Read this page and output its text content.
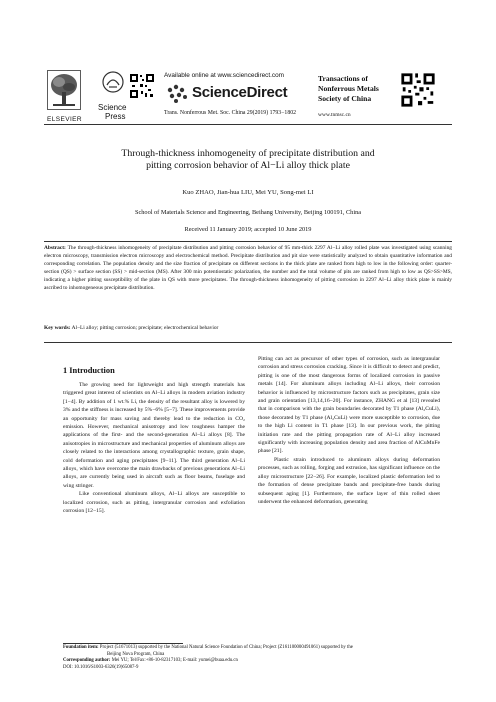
ELSEVIER
Science
Press
Available online at www.sciencedirect.com
ScienceDirect
Trans. Nonferrous Met. Soc. China 29(2019) 1793−1802
Transactions of
Nonferrous Metals
Society of China
www.tnmsc.cn
Through-thickness inhomogeneity of precipitate distribution and
pitting corrosion behavior of Al−Li alloy thick plate
Kuo ZHAO, Jian-hua LIU, Mei YU, Song-mei LI
School of Materials Science and Engineering, Beihang University, Beijing 100191, China
Received 11 January 2019; accepted 10 June 2019
Abstract: The through-thickness inhomogeneity of precipitate distribution and pitting corrosion behavior of 95 mm-thick 2297 Al−Li alloy rolled plate was investigated using scanning electron microscopy, transmission electron microscopy and electrochemical method. Precipitate distribution and pit size were statistically analyzed to obtain quantitative information and corresponding correlation. The population density and the size fraction of precipitate on different sections in the thick plate are ranked from high to low in the following order: quarter-section (QS) > surface section (SS) > mid-section (MS). After 300 min potentiostatic polarization, the number and the total volume of pits are ranked from high to low as QS>SS>MS, indicating a higher pitting susceptibility of the plate in QS with more precipitates. The through-thickness inhomogeneity of pitting corrosion in 2297 Al−Li alloy thick plate is mainly ascribed to inhomogeneous precipitate distribution.
Key words: Al−Li alloy; pitting corrosion; precipitate; electrochemical behavior
1 Introduction

The growing need for lightweight and high strength materials has triggered great interest of scientists on Al−Li alloys in modern aviation industry [1−4]. By addition of 1 wt.% Li, the density of the resultant alloy is lowered by 3% and the stiffness is increased by 5%−6% [5−7]. These improvements provide an opportunity for mass saving and thereby lead to the reduction in CO₂ emission. However, mechanical anisotropy and low toughness hamper the applications of the first- and the second-generation Al−Li alloys [8]. The anisotropies in microstructure and mechanical properties of aluminum alloys are closely related to the interactions among crystallographic texture, grain shape, cold deformation and aging precipitates [9−11]. The third generation Al−Li alloys, which have overcome the main drawbacks of previous generations Al−Li alloys, are currently being used in aircraft such as floor beams, fuselage and wing stringer.

Like conventional aluminum alloys, Al−Li alloys are susceptible to localized corrosion, such as pitting, intergranular corrosion and exfoliation corrosion [12−15].

Pitting can act as precursor of other types of corrosion, such as intergranular corrosion and stress corrosion cracking. Since it is difficult to detect and predict, pitting is one of the most dangerous forms of localized corrosion in passive metals [14]. For aluminum alloys including Al−Li alloys, their corrosion behavior is influenced by microstructure factors such as precipitates, grain size and grain orientation [13,14,16−20]. For instance, ZHANG et al [13] revealed that in comparison with the grain boundaries decorated by T1 phase (Al₂CuLi), those decorated by T1 phase (Al₂CuLi) were more susceptible to corrosion, due to the high Li content in T1 phase [13]. In our previous work, the pitting initiation rate and the pitting propagation rate of Al−Li alloy increased significantly with increasing population density and area fraction of AlCuMnFe phase [21].

Plastic strain introduced to aluminum alloys during deformation processes, such as rolling, forging and extrusion, has significant influence on the alloy microstructure [22−26]. For example, localized plastic deformation led to the formation of dense precipitate bands and precipitate-free bands during subsequent aging [1]. Furthermore, the surface layer of thin rolled sheet underwent the enhanced deformation, generating

Foundation item: Project (51671013) supported by the National Natural Science Foundation of China; Project (Z161100000491061) supported by the
Beijing Nova Program, China
Corresponding author: Mei YU; Tel/Fax:+86-10-82317103; E-mail: yumei@buaa.edu.cn
DOI: 10.1016/S1003-6326(19)65087-9
